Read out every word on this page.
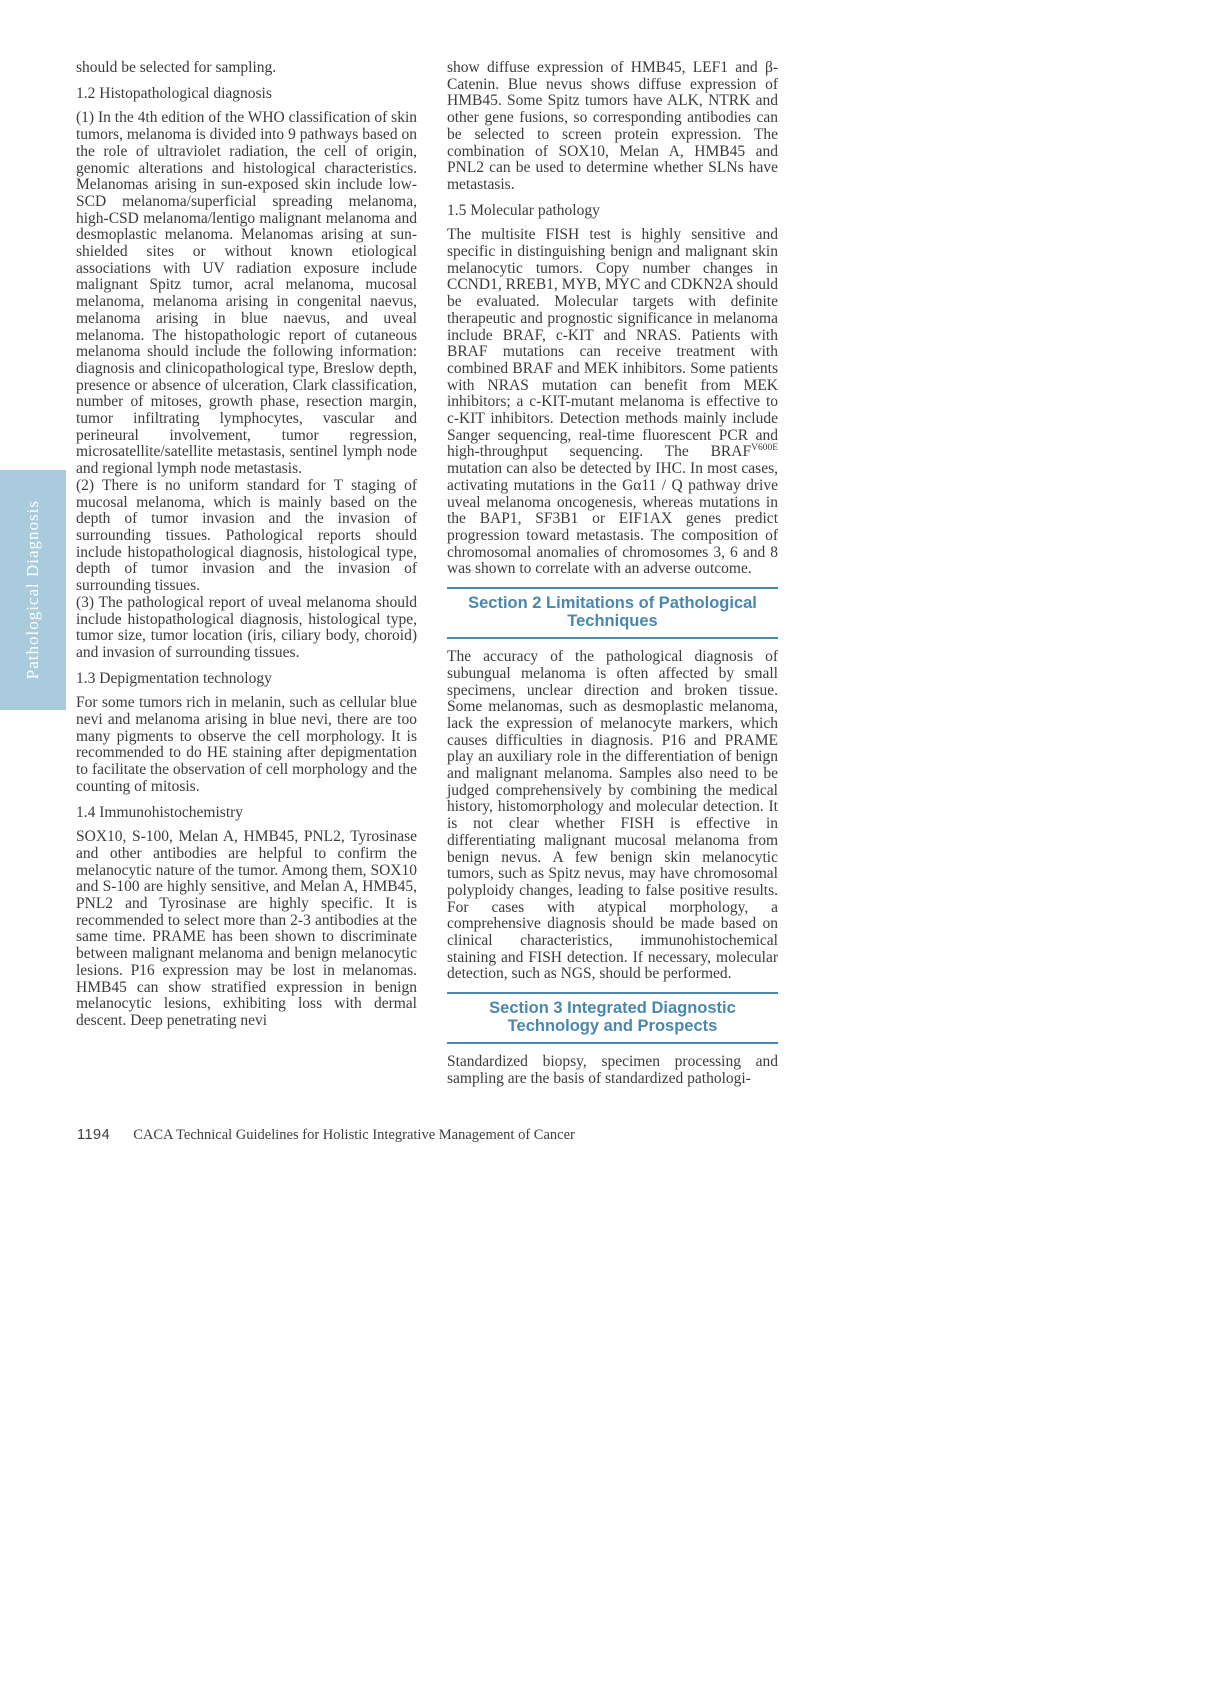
Pathological Diagnosis

should be selected for sampling.

1.2 Histopathological diagnosis

(1) In the 4th edition of the WHO classification of skin tumors, melanoma is divided into 9 pathways based on the role of ultraviolet radiation, the cell of origin, genomic alterations and histological characteristics. Melanomas arising in sun-exposed skin include low-SCD melanoma/superficial spreading melanoma, high-CSD melanoma/lentigo malignant melanoma and desmoplastic melanoma. Melanomas arising at sun-shielded sites or without known etiological associations with UV radiation exposure include malignant Spitz tumor, acral melanoma, mucosal melanoma, melanoma arising in congenital naevus, melanoma arising in blue naevus, and uveal melanoma. The histopathologic report of cutaneous melanoma should include the following information: diagnosis and clinicopathological type, Breslow depth, presence or absence of ulceration, Clark classification, number of mitoses, growth phase, resection margin, tumor infiltrating lymphocytes, vascular and perineural involvement, tumor regression, microsatellite/satellite metastasis, sentinel lymph node and regional lymph node metastasis.

(2) There is no uniform standard for T staging of mucosal melanoma, which is mainly based on the depth of tumor invasion and the invasion of surrounding tissues. Pathological reports should include histopathological diagnosis, histological type, depth of tumor invasion and the invasion of surrounding tissues.

(3) The pathological report of uveal melanoma should include histopathological diagnosis, histological type, tumor size, tumor location (iris, ciliary body, choroid) and invasion of surrounding tissues.

1.3 Depigmentation technology

For some tumors rich in melanin, such as cellular blue nevi and melanoma arising in blue nevi, there are too many pigments to observe the cell morphology. It is recommended to do HE staining after depigmentation to facilitate the observation of cell morphology and the counting of mitosis.

1.4 Immunohistochemistry

SOX10, S-100, Melan A, HMB45, PNL2, Tyrosinase and other antibodies are helpful to confirm the melanocytic nature of the tumor. Among them, SOX10 and S-100 are highly sensitive, and Melan A, HMB45, PNL2 and Tyrosinase are highly specific. It is recommended to select more than 2-3 antibodies at the same time. PRAME has been shown to discriminate between malignant melanoma and benign melanocytic lesions. P16 expression may be lost in melanomas. HMB45 can show stratified expression in benign melanocytic lesions, exhibiting loss with dermal descent. Deep penetrating nevi

show diffuse expression of HMB45, LEF1 and β-Catenin. Blue nevus shows diffuse expression of HMB45. Some Spitz tumors have ALK, NTRK and other gene fusions, so corresponding antibodies can be selected to screen protein expression. The combination of SOX10, Melan A, HMB45 and PNL2 can be used to determine whether SLNs have metastasis.

1.5 Molecular pathology

The multisite FISH test is highly sensitive and specific in distinguishing benign and malignant skin melanocytic tumors. Copy number changes in CCND1, RREB1, MYB, MYC and CDKN2A should be evaluated. Molecular targets with definite therapeutic and prognostic significance in melanoma include BRAF, c-KIT and NRAS. Patients with BRAF mutations can receive treatment with combined BRAF and MEK inhibitors. Some patients with NRAS mutation can benefit from MEK inhibitors; a c-KIT-mutant melanoma is effective to c-KIT inhibitors. Detection methods mainly include Sanger sequencing, real-time fluorescent PCR and high-throughput sequencing. The $BRAF^{V600E}$ mutation can also be detected by IHC. In most cases, activating mutations in the Gα11 / Q pathway drive uveal melanoma oncogenesis, whereas mutations in the BAP1, SF3B1 or EIF1AX genes predict progression toward metastasis. The composition of chromosomal anomalies of chromosomes 3, 6 and 8 was shown to correlate with an adverse outcome.

Section 2 Limitations of Pathological Techniques

The accuracy of the pathological diagnosis of subungual melanoma is often affected by small specimens, unclear direction and broken tissue. Some melanomas, such as desmoplastic melanoma, lack the expression of melanocyte markers, which causes difficulties in diagnosis. P16 and PRAME play an auxiliary role in the differentiation of benign and malignant melanoma. Samples also need to be judged comprehensively by combining the medical history, histomorphology and molecular detection. It is not clear whether FISH is effective in differentiating malignant mucosal melanoma from benign nevus. A few benign skin melanocytic tumors, such as Spitz nevus, may have chromosomal polyploidy changes, leading to false positive results. For cases with atypical morphology, a comprehensive diagnosis should be made based on clinical characteristics, immunohistochemical staining and FISH detection. If necessary, molecular detection, such as NGS, should be performed.

Section 3 Integrated Diagnostic Technology and Prospects

Standardized biopsy, specimen processing and sampling are the basis of standardized pathologi-

1194 CACA Technical Guidelines for Holistic Integrative Management of Cancer
